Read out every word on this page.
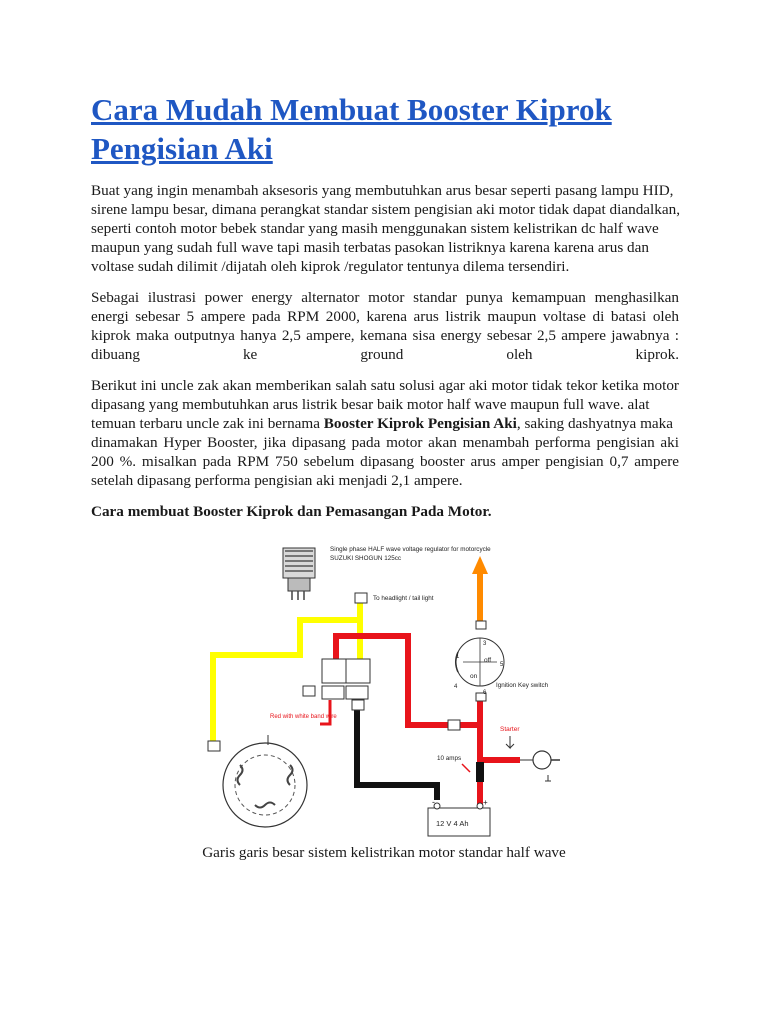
Cara Mudah Membuat Booster Kiprok Pengisian Aki
Buat yang ingin menambah aksesoris yang membutuhkan arus besar seperti pasang lampu HID,
sirene lampu besar, dimana perangkat standar sistem pengisian aki motor tidak dapat diandalkan,
seperti contoh motor bebek standar yang masih menggunakan sistem kelistrikan dc half wave
maupun yang sudah full wave tapi masih terbatas pasokan listriknya karena karena arus dan
voltase sudah dilimit /dijatah oleh kiprok /regulator tentunya dilema tersendiri.
Sebagai ilustrasi power energy alternator motor standar punya kemampuan menghasilkan
energi sebesar 5 ampere pada RPM 2000, karena arus listrik maupun voltase di batasi oleh
kiprok maka outputnya hanya 2,5 ampere, kemana sisa energy sebesar 2,5 ampere jawabnya :
dibuang ke ground oleh kiprok.
Berikut ini uncle zak akan memberikan salah satu solusi agar aki motor tidak tekor ketika motor
dipasang yang membutuhkan arus listrik besar baik motor half wave maupun full wave. alat
temuan terbaru uncle zak ini bernama Booster Kiprok Pengisian Aki, saking dashyatnya maka
dinamakan Hyper Booster, jika dipasang pada motor akan menambah performa pengisian aki
200 %. misalkan pada RPM 750 sebelum dipasang booster arus amper pengisian 0,7 ampere
setelah dipasang performa pengisian aki menjadi 2,1 ampere.
Cara membuat Booster Kiprok dan Pemasangan Pada Motor.
Single phase HALF wave voltage regulator for motorcycle
SUZUKI SHOGUN 125cc
To headlight / tail light
Red with white band wire
3
1
4
5
6
off
on
Ignition Key switch
Starter
10 amps
-	+
12 V 4 Ah
Garis garis besar sistem kelistrikan motor standar half wave
